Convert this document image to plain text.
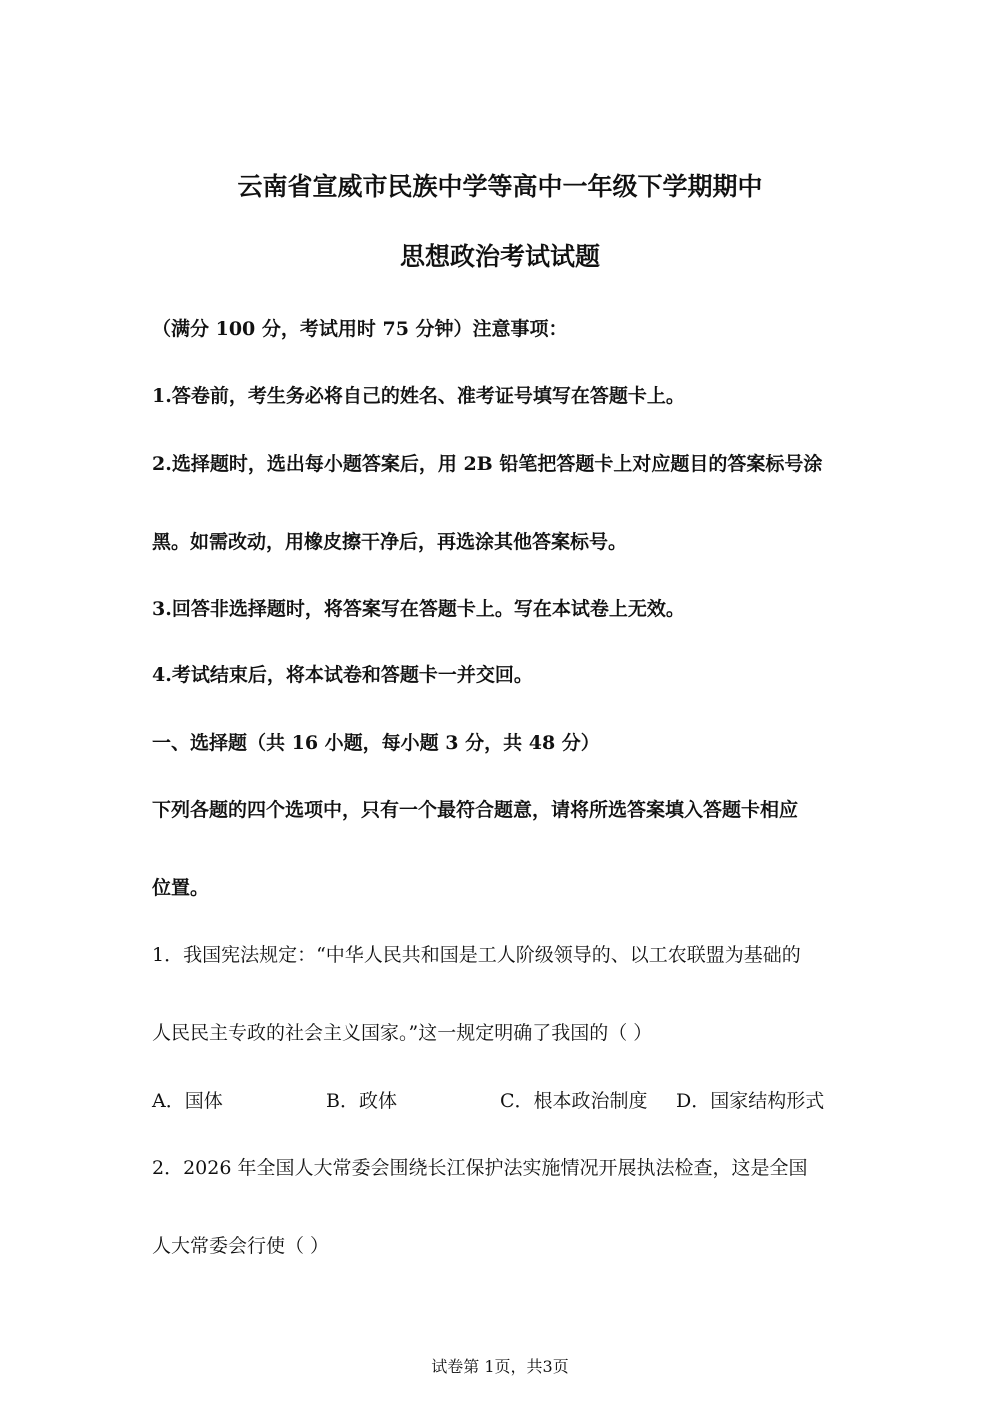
云南省宣威市民族中学等高中一年级下学期期中
思想政治考试试题
（满分 100 分，考试用时 75 分钟）注意事项：
1.答卷前，考生务必将自己的姓名、准考证号填写在答题卡上。
2.选择题时，选出每小题答案后，用 2B 铅笔把答题卡上对应题目的答案标号涂
黑。如需改动，用橡皮擦干净后，再选涂其他答案标号。
3.回答非选择题时，将答案写在答题卡上。写在本试卷上无效。
4.考试结束后，将本试卷和答题卡一并交回。
一、选择题（共 16 小题，每小题 3 分，共 48 分）
下列各题的四个选项中，只有一个最符合题意，请将所选答案填入答题卡相应
位置。
1．我国宪法规定：“中华人民共和国是工人阶级领导的、以工农联盟为基础的
人民民主专政的社会主义国家。”这一规定明确了我国的（ ）
A．国体	B．政体	C．根本政治制度 D．国家结构形式
2．2026 年全国人大常委会围绕长江保护法实施情况开展执法检查，这是全国
人大常委会行使（ ）
试卷第 1页，共3页
